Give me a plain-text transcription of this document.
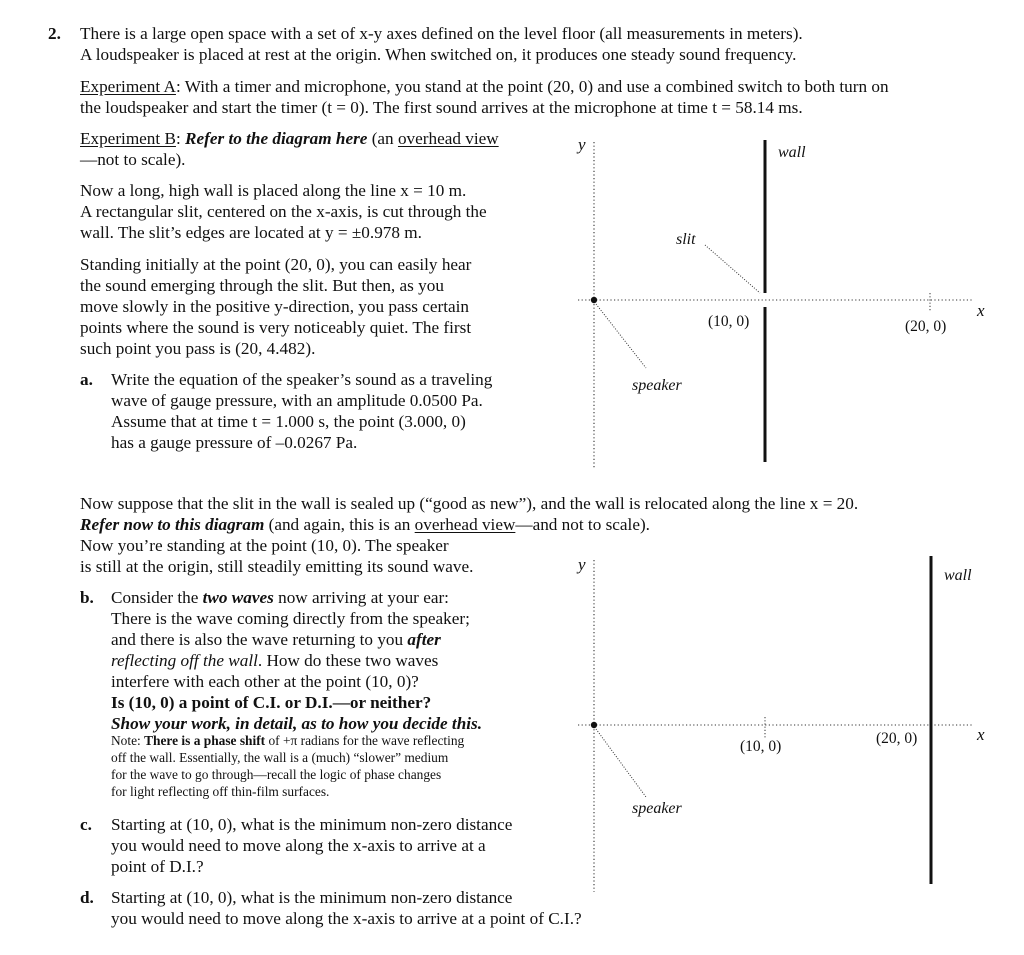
2. There is a large open space with a set of x-y axes defined on the level floor (all measurements in meters).
A loudspeaker is placed at rest at the origin. When switched on, it produces one steady sound frequency.
Experiment A: With a timer and microphone, you stand at the point (20, 0) and use a combined switch to both turn on
the loudspeaker and start the timer (t = 0). The first sound arrives at the microphone at time t = 58.14 ms.
Experiment B: Refer to the diagram here (an overhead view
—not to scale).
Now a long, high wall is placed along the line x = 10 m.
A rectangular slit, centered on the x-axis, is cut through the
wall. The slit’s edges are located at y = ±0.978 m.
Standing initially at the point (20, 0), you can easily hear
the sound emerging through the slit. But then, as you
move slowly in the positive y-direction, you pass certain
points where the sound is very noticeably quiet. The first
such point you pass is (20, 4.482).
a. Write the equation of the speaker’s sound as a traveling
wave of gauge pressure, with an amplitude 0.0500 Pa.
Assume that at time t = 1.000 s, the point (3.000, 0)
has a gauge pressure of –0.0267 Pa.
Now suppose that the slit in the wall is sealed up (“good as new”), and the wall is relocated along the line x = 20.
Refer now to this diagram (and again, this is an overhead view—and not to scale).
Now you’re standing at the point (10, 0). The speaker
is still at the origin, still steadily emitting its sound wave.
b. Consider the two waves now arriving at your ear:
There is the wave coming directly from the speaker;
and there is also the wave returning to you after
reflecting off the wall. How do these two waves
interfere with each other at the point (10, 0)?
Is (10, 0) a point of C.I. or D.I.—or neither?
Show your work, in detail, as to how you decide this.
Note: There is a phase shift of +π radians for the wave reflecting
off the wall. Essentially, the wall is a (much) “slower” medium
for the wave to go through—recall the logic of phase changes
for light reflecting off thin-film surfaces.
c. Starting at (10, 0), what is the minimum non-zero distance
you would need to move along the x-axis to arrive at a
point of D.I.?
d. Starting at (10, 0), what is the minimum non-zero distance
you would need to move along the x-axis to arrive at a point of C.I.?
y	wall
slit
x
(10, 0)	(20, 0)
speaker
y
wall
x
(10, 0)	(20, 0)
speaker
